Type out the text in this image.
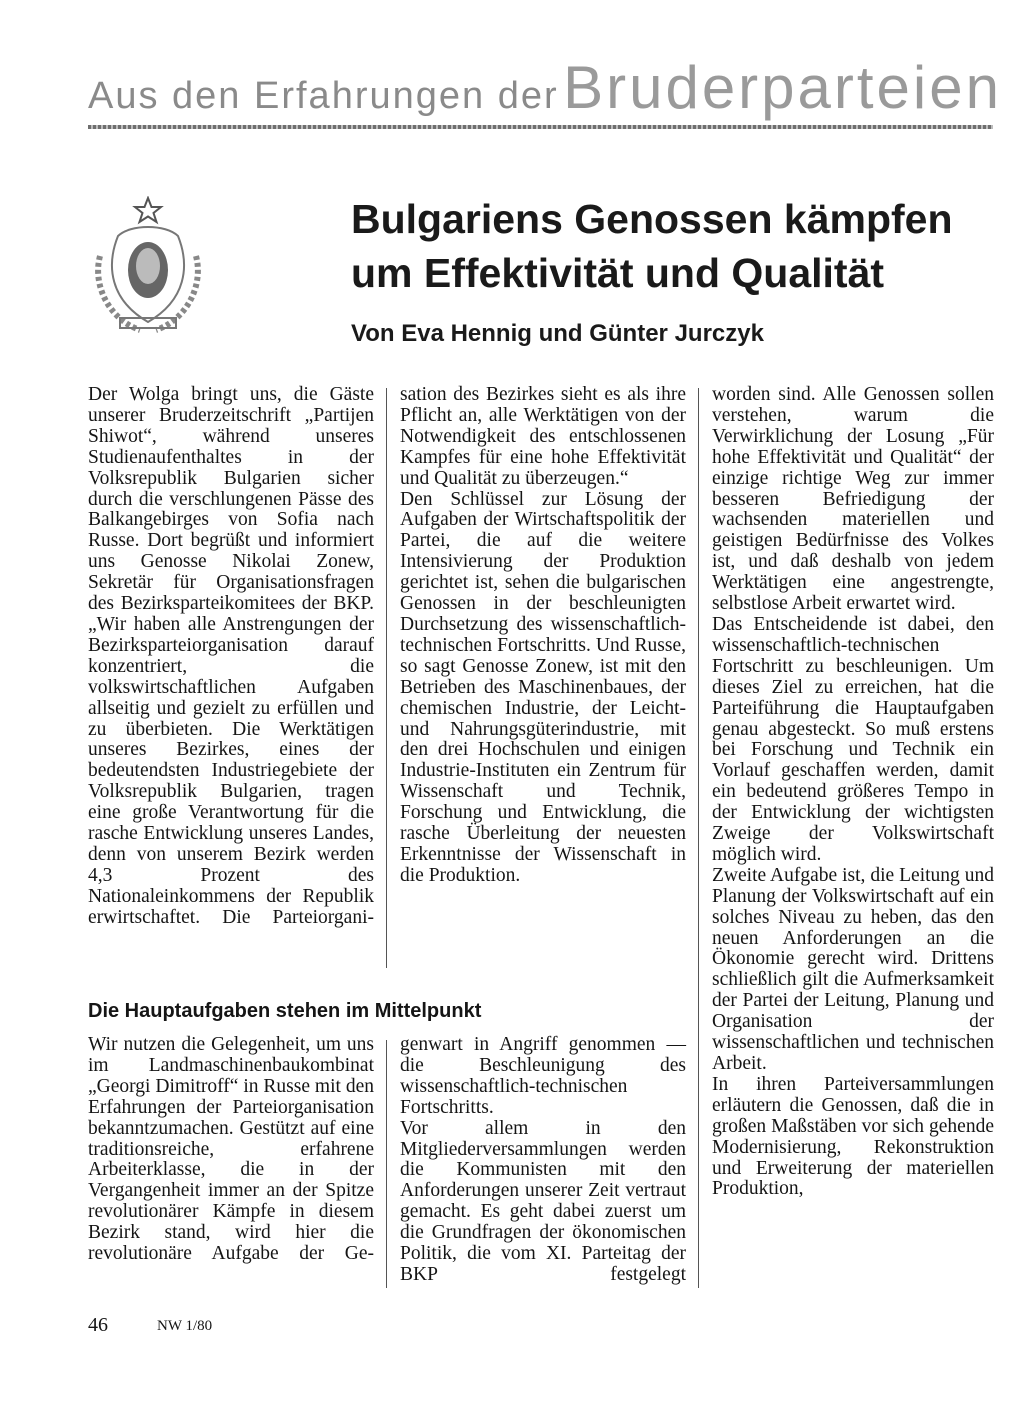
Aus den Erfahrungen der Bruderparteien
Bulgariens Genossen kämpfen um Effektivität und Qualität
Von Eva Hennig und Günter Jurczyk

Der Wolga bringt uns, die Gäste unserer Bruderzeitschrift „Partijen Shiwot“, während unseres Studienaufenthaltes in der Volksrepublik Bulgarien sicher durch die verschlungenen Pässe des Balkangebirges von Sofia nach Russe. Dort begrüßt und informiert uns Genosse Nikolai Zonew, Sekretär für Organisationsfragen des Bezirksparteikomitees der BKP. „Wir haben alle Anstrengungen der Bezirksparteiorganisation darauf konzentriert, die volkswirtschaftlichen Aufgaben allseitig und gezielt zu erfüllen und zu überbieten. Die Werktätigen unseres Bezirkes, eines der bedeutendsten Industriegebiete der Volksrepublik Bulgarien, tragen eine große Verantwortung für die rasche Entwicklung unseres Landes, denn von unserem Bezirk werden 4,3 Prozent des Nationaleinkommens der Republik erwirtschaftet. Die Parteiorgani-

sation des Bezirkes sieht es als ihre Pflicht an, alle Werktätigen von der Notwendigkeit des entschlossenen Kampfes für eine hohe Effektivität und Qualität zu überzeugen.“

Den Schlüssel zur Lösung der Aufgaben der Wirtschaftspolitik der Partei, die auf die weitere Intensivierung der Produktion gerichtet ist, sehen die bulgarischen Genossen in der beschleunigten Durchsetzung des wissenschaftlich-technischen Fortschritts. Und Russe, so sagt Genosse Zonew, ist mit den Betrieben des Maschinenbaues, der chemischen Industrie, der Leicht- und Nahrungsgüterindustrie, mit den drei Hochschulen und einigen Industrie-Instituten ein Zentrum für Wissenschaft und Technik, Forschung und Entwicklung, die rasche Überleitung der neuesten Erkenntnisse der Wissenschaft in die Produktion.

worden sind. Alle Genossen sollen verstehen, warum die Verwirklichung der Losung „Für hohe Effektivität und Qualität“ der einzige richtige Weg zur immer besseren Befriedigung der wachsenden materiellen und geistigen Bedürfnisse des Volkes ist, und daß deshalb von jedem Werktätigen eine angestrengte, selbstlose Arbeit erwartet wird.

Das Entscheidende ist dabei, den wissenschaftlich-technischen Fortschritt zu beschleunigen. Um dieses Ziel zu erreichen, hat die Parteiführung die Hauptaufgaben genau abgesteckt. So muß erstens bei Forschung und Technik ein Vorlauf geschaffen werden, damit ein bedeutend größeres Tempo in der Entwicklung der wichtigsten Zweige der Volkswirtschaft möglich wird.

Zweite Aufgabe ist, die Leitung und Planung der Volkswirtschaft auf ein solches Niveau zu heben, das den neuen Anforderungen an die Ökonomie gerecht wird. Drittens schließlich gilt die Aufmerksamkeit der Partei der Leitung, Planung und Organisation der wissenschaftlichen und technischen Arbeit.

In ihren Parteiversammlungen erläutern die Genossen, daß die in großen Maßstäben vor sich gehende Modernisierung, Rekonstruktion und Erweiterung der materiellen Produktion,

Die Hauptaufgaben stehen im Mittelpunkt

Wir nutzen die Gelegenheit, um uns im Landmaschinenbaukombinat „Georgi Dimitroff“ in Russe mit den Erfahrungen der Parteiorganisation bekanntzumachen. Gestützt auf eine traditionsreiche, erfahrene Arbeiterklasse, die in der Vergangenheit immer an der Spitze revolutionärer Kämpfe in diesem Bezirk stand, wird hier die revolutionäre Aufgabe der Ge-

genwart in Angriff genommen — die Beschleunigung des wissenschaftlich-technischen Fortschritts.

Vor allem in den Mitgliederversammlungen werden die Kommunisten mit den Anforderungen unserer Zeit vertraut gemacht. Es geht dabei zuerst um die Grundfragen der ökonomischen Politik, die vom XI. Parteitag der BKP festgelegt

46	NW 1/80
